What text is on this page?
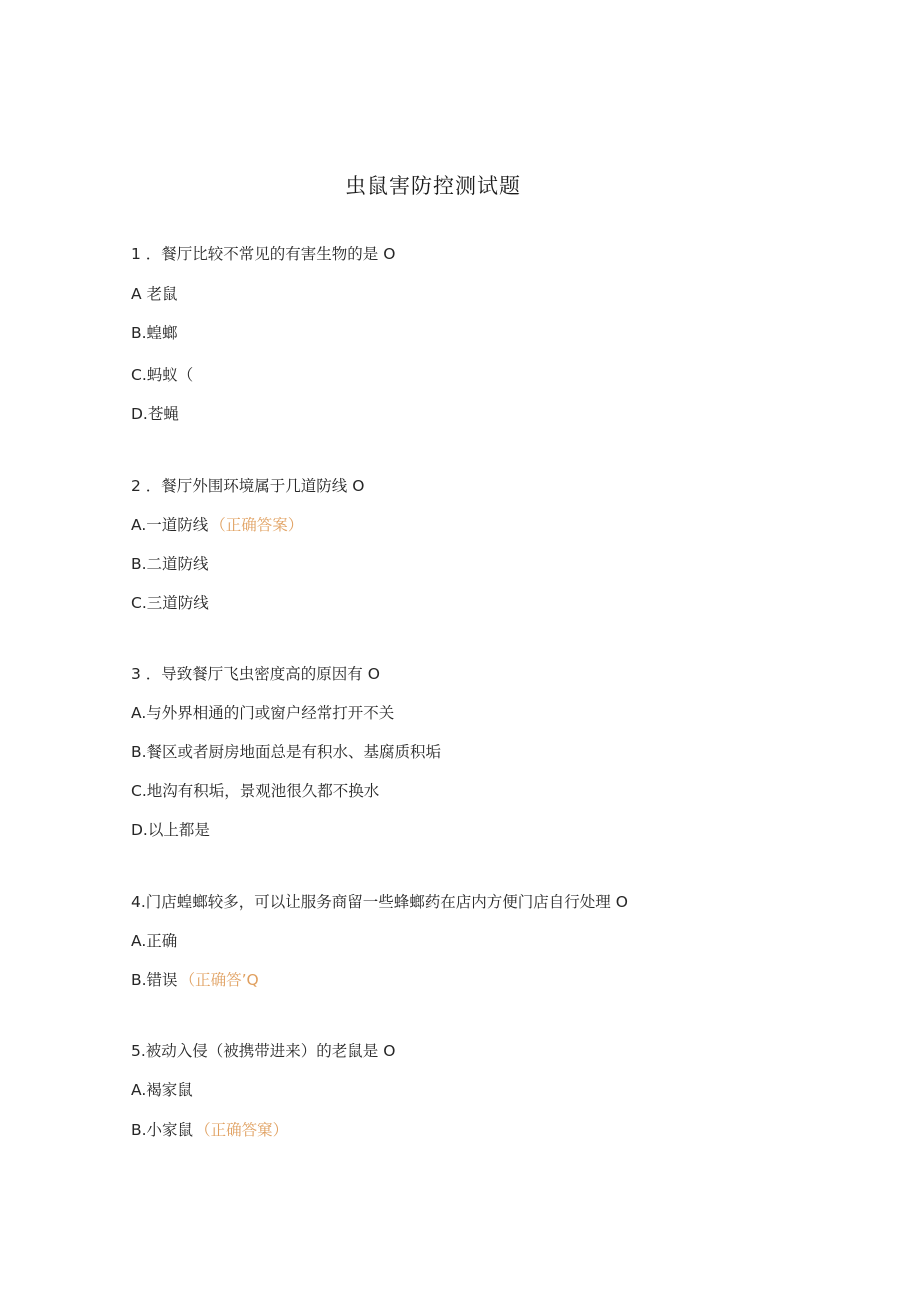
虫鼠害防控测试题
1 ．餐厅比较不常见的有害生物的是 O
A 老鼠
B.蝗螂
C.蚂蚁（
D.苍蝇
2 ．餐厅外围环境属于几道防线 O
A.一道防线 （正确答案）
B.二道防线
C.三道防线
3 ．导致餐厅飞虫密度高的原因有 O
A.与外界相通的门或窗户经常打开不关
B.餐区或者厨房地面总是有积水、基腐质积垢
C.地沟有积垢，景观池很久都不换水
D.以上都是
4.门店蝗螂较多，可以让服务商留一些蜂螂药在店内方便门店自行处理 O
A.正确
B.错误 （正确答’Q
5.被动入侵（被携带进来）的老鼠是 O
A.褐家鼠
B.小家鼠 （正确答窠）
